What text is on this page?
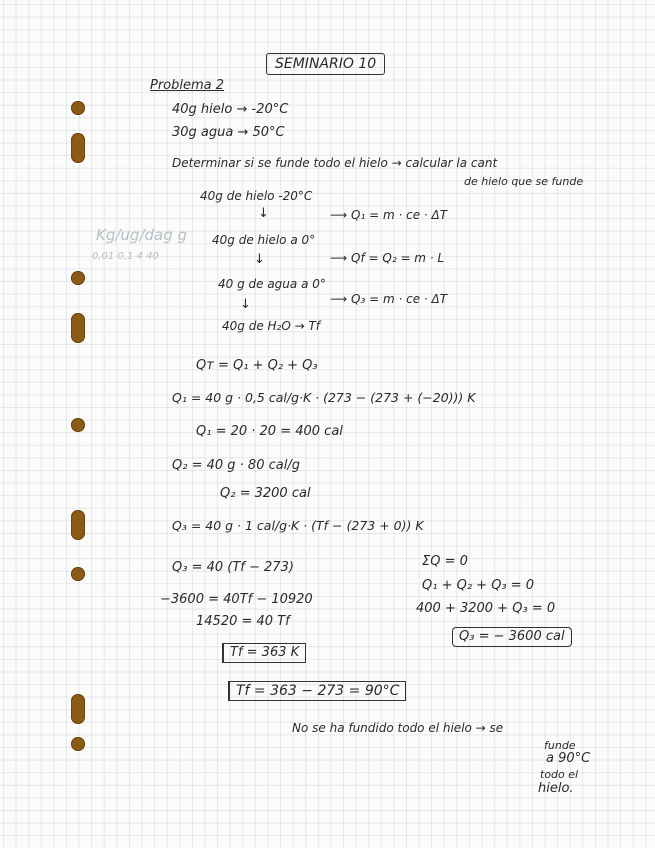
SEMINARIO 10
Problema 2
40g hielo → -20°C
30g agua → 50°C
Determinar si se funde todo el hielo → calcular la cant
de hielo que se funde
40g de hielo -20°C
↓	⟶ Q₁ = m · ce · ΔT
Kg/ug/dag g
0,01 0,1 4 40
40g de hielo a 0°
↓	⟶ Qf = Q₂ = m · L
40 g de agua a 0°
↓	⟶ Q₃ = m · ce · ΔT
40g de H₂O → Tf
Qт = Q₁ + Q₂ + Q₃
Q₁ = 40 g · 0,5 cal/g·K · (273 − (273 + (−20))) K
Q₁ = 20 · 20 = 400 cal
Q₂ = 40 g · 80 cal/g
Q₂ = 3200 cal
Q₃ = 40 g · 1 cal/g·K · (Tf − (273 + 0)) K
Q₃ = 40 (Tf − 273)	ΣQ = 0
Q₁ + Q₂ + Q₃ = 0
400 + 3200 + Q₃ = 0
Q₃ = − 3600 cal
−3600 = 40Tf − 10920
14520 = 40 Tf
Tf = 363 K
Tf = 363 − 273 = 90°C
No se ha fundido todo el hielo → se
funde
a 90°C
todo el
hielo.
